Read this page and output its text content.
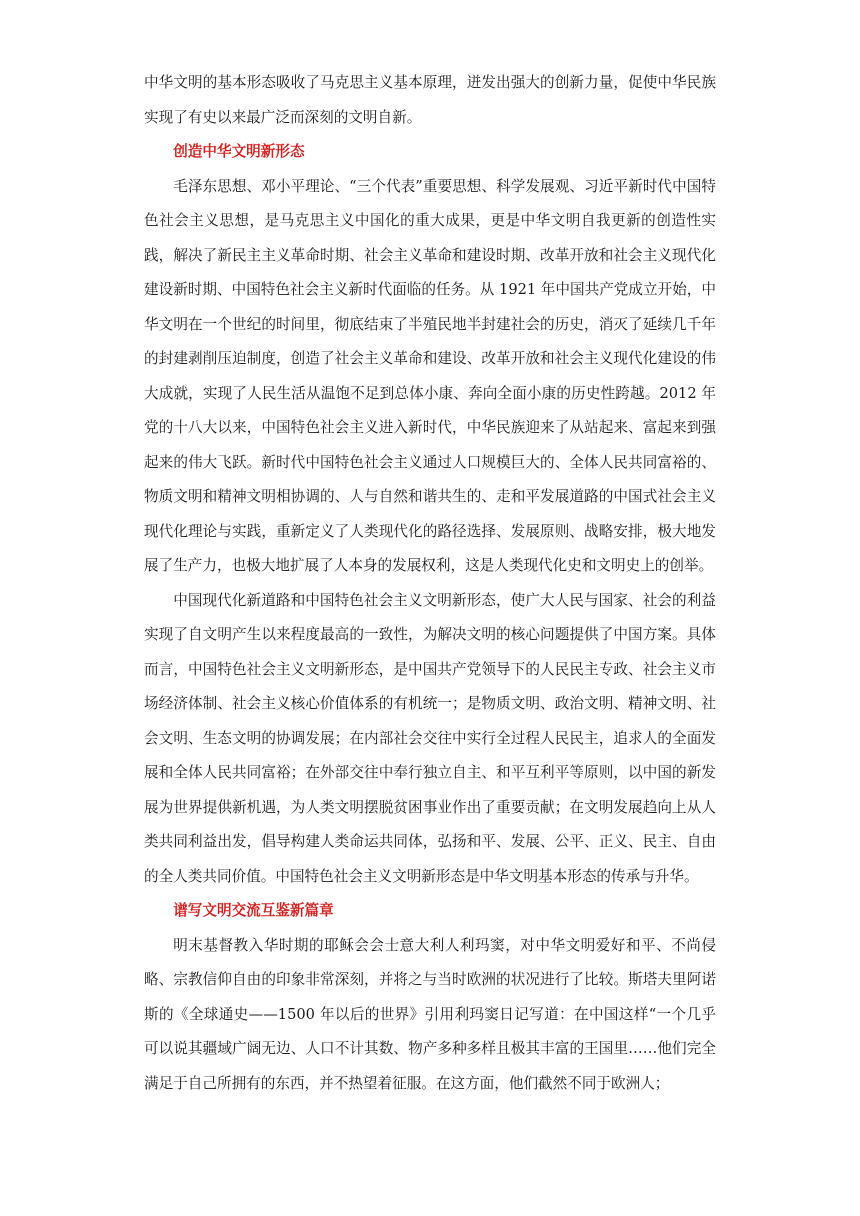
中华文明的基本形态吸收了马克思主义基本原理，迸发出强大的创新力量，促使中华民族实现了有史以来最广泛而深刻的文明自新。

创造中华文明新形态

毛泽东思想、邓小平理论、“三个代表”重要思想、科学发展观、习近平新时代中国特色社会主义思想，是马克思主义中国化的重大成果，更是中华文明自我更新的创造性实践，解决了新民主主义革命时期、社会主义革命和建设时期、改革开放和社会主义现代化建设新时期、中国特色社会主义新时代面临的任务。从 1921 年中国共产党成立开始，中华文明在一个世纪的时间里，彻底结束了半殖民地半封建社会的历史，消灭了延续几千年的封建剥削压迫制度，创造了社会主义革命和建设、改革开放和社会主义现代化建设的伟大成就，实现了人民生活从温饱不足到总体小康、奔向全面小康的历史性跨越。2012 年党的十八大以来，中国特色社会主义进入新时代，中华民族迎来了从站起来、富起来到强起来的伟大飞跃。新时代中国特色社会主义通过人口规模巨大的、全体人民共同富裕的、物质文明和精神文明相协调的、人与自然和谐共生的、走和平发展道路的中国式社会主义现代化理论与实践，重新定义了人类现代化的路径选择、发展原则、战略安排，极大地发展了生产力，也极大地扩展了人本身的发展权利，这是人类现代化史和文明史上的创举。

中国现代化新道路和中国特色社会主义文明新形态，使广大人民与国家、社会的利益实现了自文明产生以来程度最高的一致性，为解决文明的核心问题提供了中国方案。具体而言，中国特色社会主义文明新形态，是中国共产党领导下的人民民主专政、社会主义市场经济体制、社会主义核心价值体系的有机统一；是物质文明、政治文明、精神文明、社会文明、生态文明的协调发展；在内部社会交往中实行全过程人民民主，追求人的全面发展和全体人民共同富裕；在外部交往中奉行独立自主、和平互利平等原则，以中国的新发展为世界提供新机遇，为人类文明摆脱贫困事业作出了重要贡献；在文明发展趋向上从人类共同利益出发，倡导构建人类命运共同体，弘扬和平、发展、公平、正义、民主、自由的全人类共同价值。中国特色社会主义文明新形态是中华文明基本形态的传承与升华。

谱写文明交流互鉴新篇章

明末基督教入华时期的耶稣会会士意大利人利玛窦，对中华文明爱好和平、不尚侵略、宗教信仰自由的印象非常深刻，并将之与当时欧洲的状况进行了比较。斯塔夫里阿诺斯的《全球通史——1500 年以后的世界》引用利玛窦日记写道：在中国这样“一个几乎可以说其疆域广阔无边、人口不计其数、物产多种多样且极其丰富的王国里……他们完全满足于自己所拥有的东西，并不热望着征服。在这方面，他们截然不同于欧洲人；
